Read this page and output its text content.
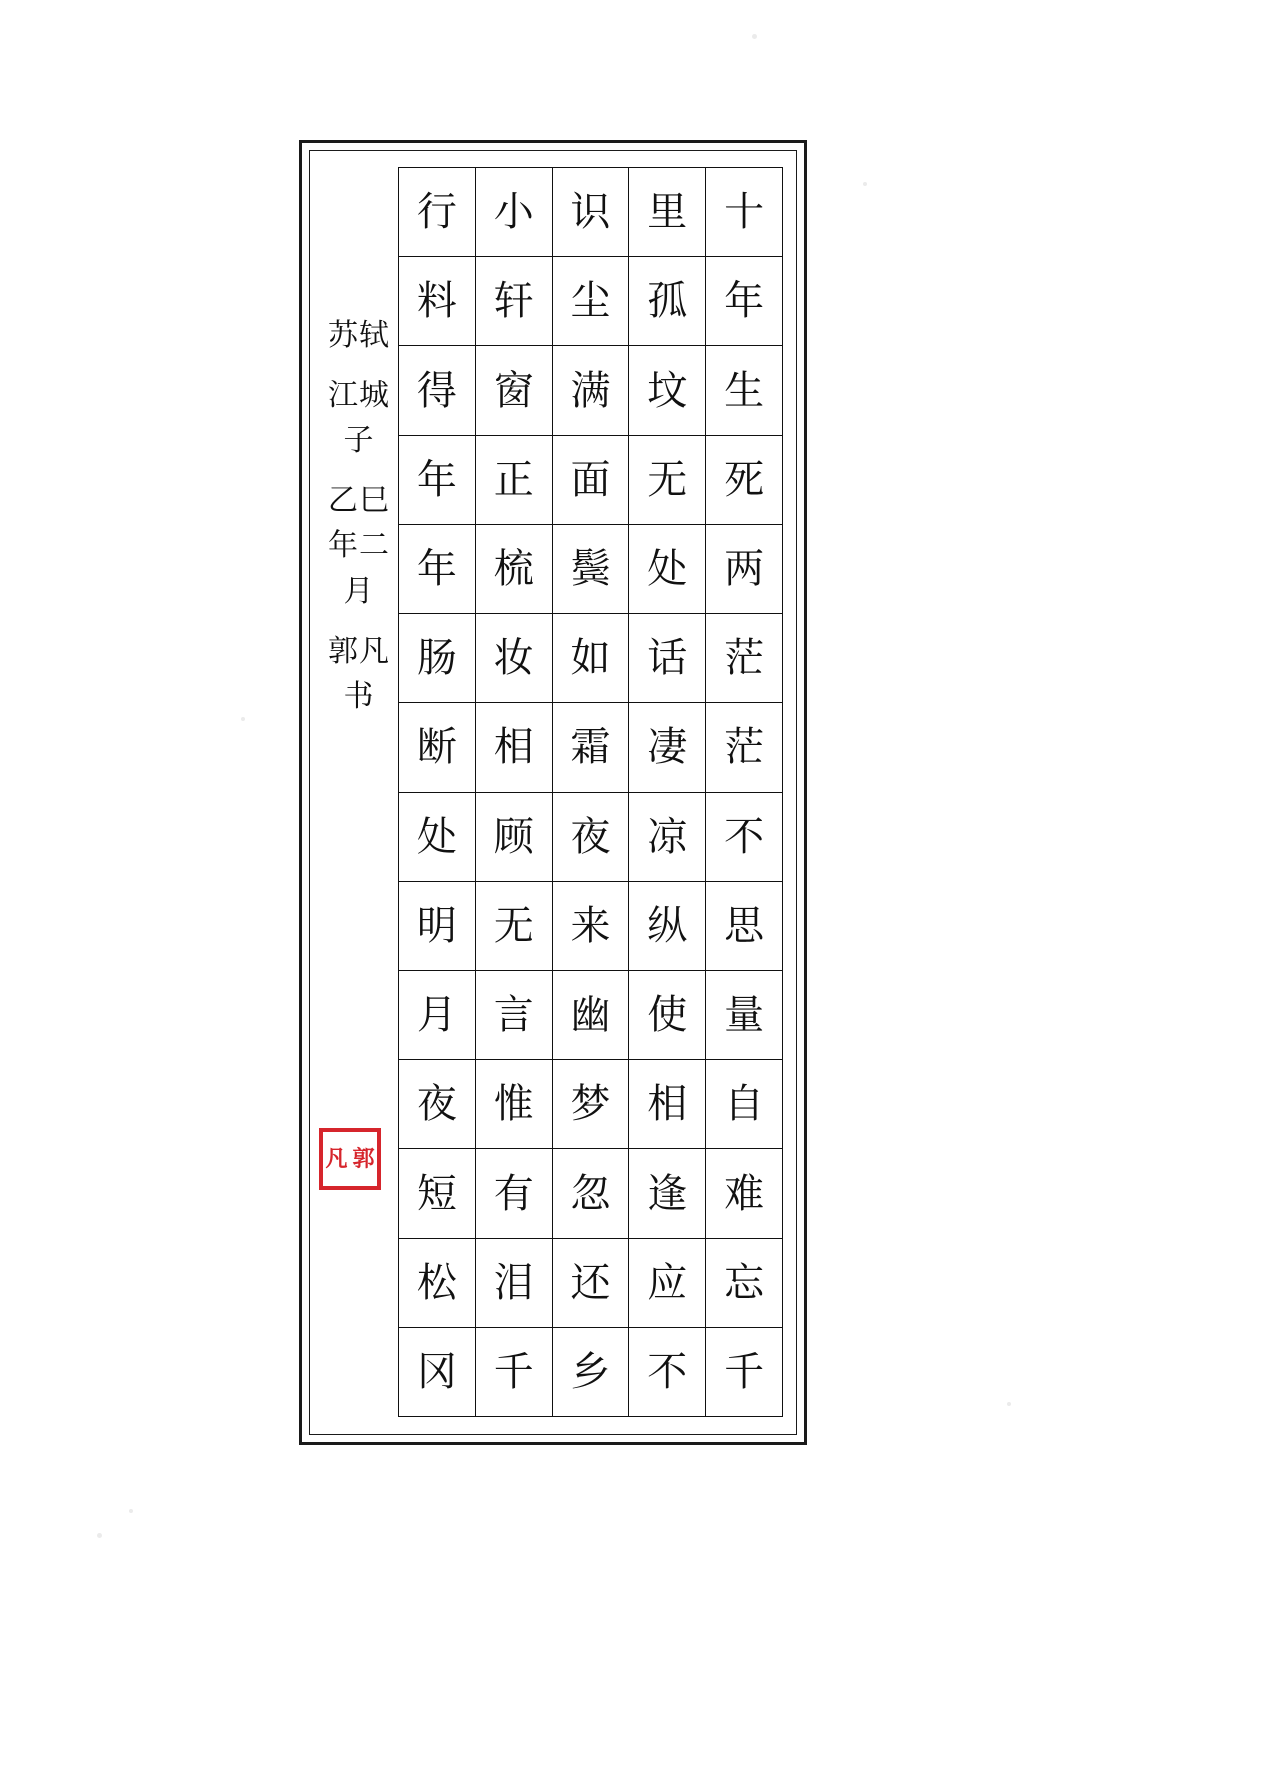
苏轼
江城子
乙巳年二月
郭凡书
凡 郭
十
年
生
死
两
茫
茫
不
思
量
自
难
忘
千
里
孤
坟
无
处
话
凄
凉
纵
使
相
逢
应
不
识
尘
满
面
鬓
如
霜
夜
来
幽
梦
忽
还
乡
小
轩
窗
正
梳
妆
相
顾
无
言
惟
有
泪
千
行
料
得
年
年
肠
断
处
明
月
夜
短
松
冈
